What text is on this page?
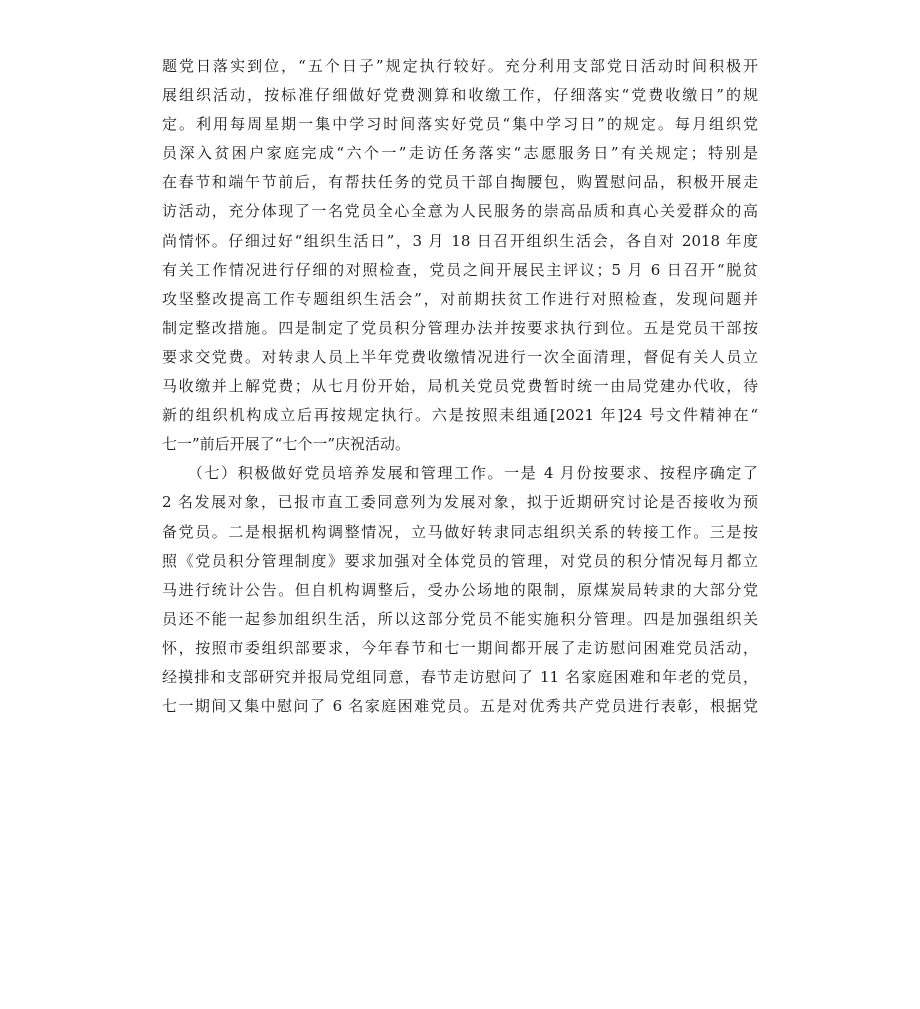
题党日落实到位，“五个日子”规定执行较好。充分利用支部党日活动时间积极开
展组织活动，按标准仔细做好党费测算和收缴工作，仔细落实“党费收缴日”的规
定。利用每周星期一集中学习时间落实好党员“集中学习日”的规定。每月组织党
员深入贫困户家庭完成“六个一”走访任务落实“志愿服务日”有关规定；特别是
在春节和端午节前后，有帮扶任务的党员干部自掏腰包，购置慰问品，积极开展走
访活动，充分体现了一名党员全心全意为人民服务的崇高品质和真心关爱群众的高
尚情怀。仔细过好“组织生活日”，3 月 18 日召开组织生活会，各自对 2018 年度
有关工作情况进行仔细的对照检查，党员之间开展民主评议；5 月 6 日召开“脱贫
攻坚整改提高工作专题组织生活会”，对前期扶贫工作进行对照检查，发现问题并
制定整改措施。四是制定了党员积分管理办法并按要求执行到位。五是党员干部按
要求交党费。对转隶人员上半年党费收缴情况进行一次全面清理，督促有关人员立
马收缴并上解党费；从七月份开始，局机关党员党费暂时统一由局党建办代收，待
新的组织机构成立后再按规定执行。六是按照耒组通[2021 年]24 号文件精神在“
七一”前后开展了“七个一”庆祝活动。
　　（七）积极做好党员培养发展和管理工作。一是 4 月份按要求、按程序确定了
2 名发展对象，已报市直工委同意列为发展对象，拟于近期研究讨论是否接收为预
备党员。二是根据机构调整情况，立马做好转隶同志组织关系的转接工作。三是按
照《党员积分管理制度》要求加强对全体党员的管理，对党员的积分情况每月都立
马进行统计公告。但自机构调整后，受办公场地的限制，原煤炭局转隶的大部分党
员还不能一起参加组织生活，所以这部分党员不能实施积分管理。四是加强组织关
怀，按照市委组织部要求，今年春节和七一期间都开展了走访慰问困难党员活动，
经摸排和支部研究并报局党组同意，春节走访慰问了 11 名家庭困难和年老的党员，
七一期间又集中慰问了 6 名家庭困难党员。五是对优秀共产党员进行表彰，根据党
